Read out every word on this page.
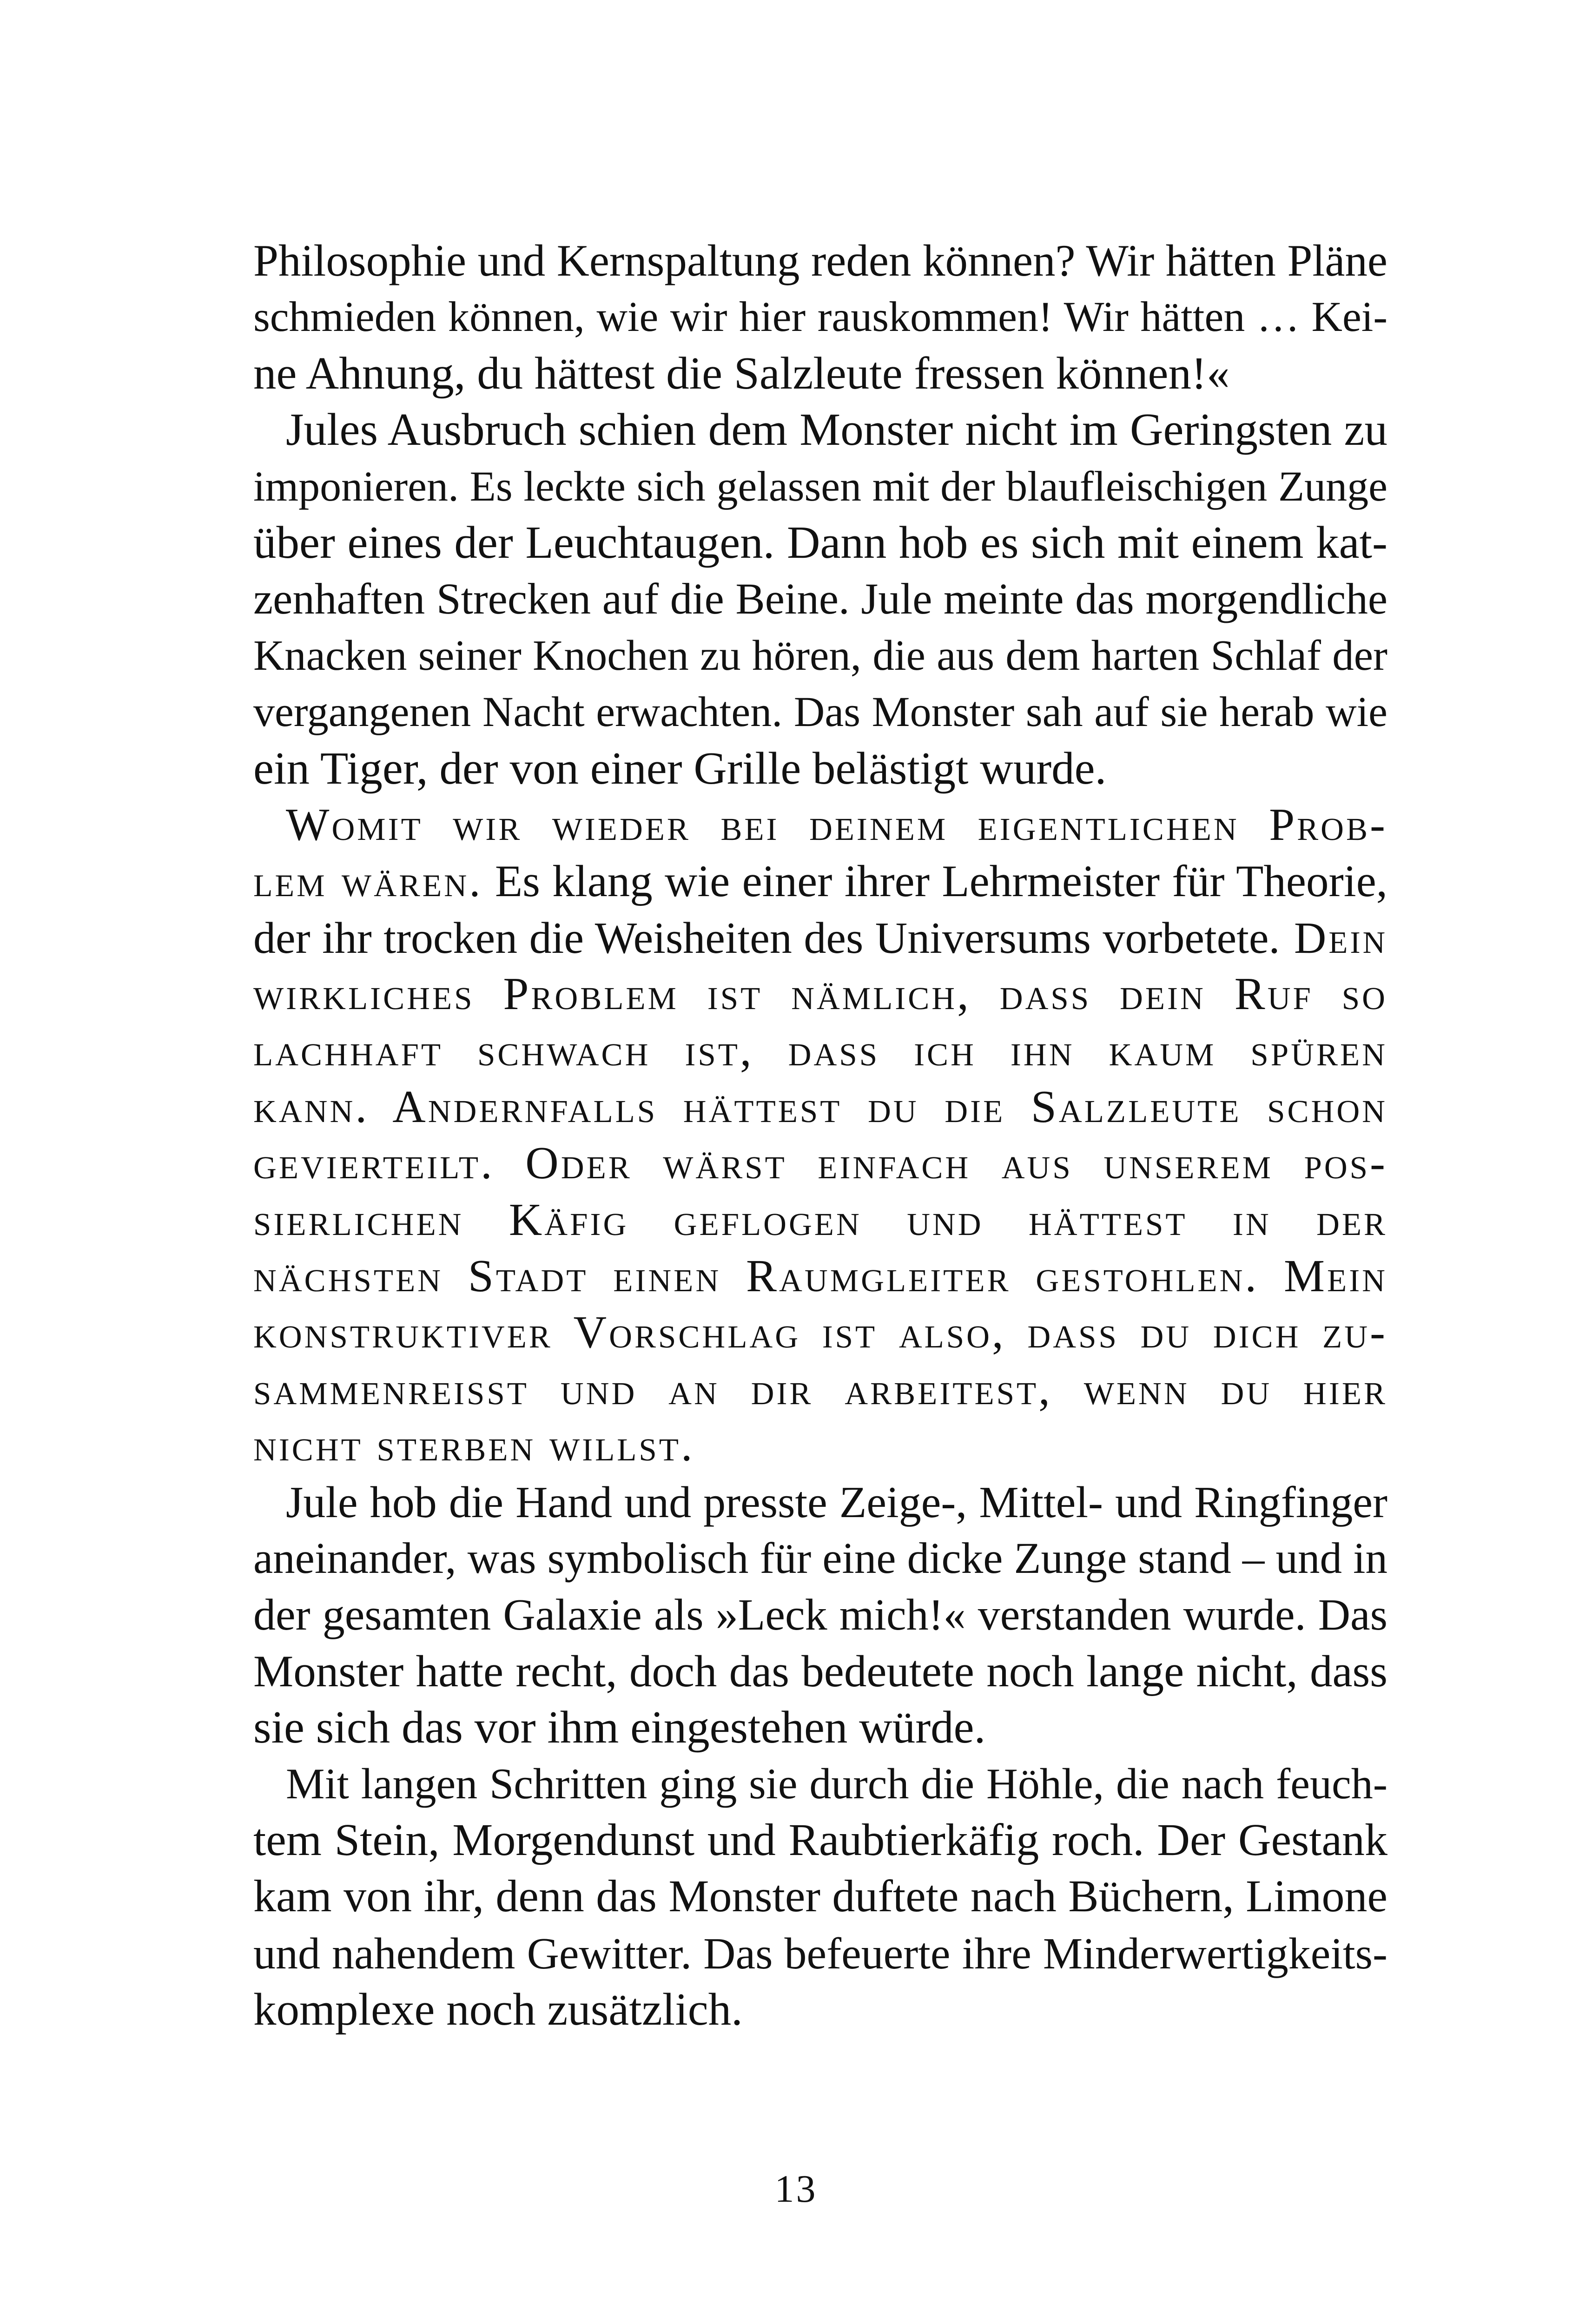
Philosophie und Kernspaltung reden können? Wir hätten Pläne
schmieden können, wie wir hier rauskommen! Wir hätten … Kei-
ne Ahnung, du hättest die Salzleute fressen können!«
Jules Ausbruch schien dem Monster nicht im Geringsten zu
imponieren. Es leckte sich gelassen mit der blaufleischigen Zunge
über eines der Leuchtaugen. Dann hob es sich mit einem kat-
zenhaften Strecken auf die Beine. Jule meinte das morgendliche
Knacken seiner Knochen zu hören, die aus dem harten Schlaf der
vergangenen Nacht erwachten. Das Monster sah auf sie herab wie
ein Tiger, der von einer Grille belästigt wurde.
Womit wir wieder bei deinem eigentlichen Prob-
lem wären. Es klang wie einer ihrer Lehrmeister für Theorie,
der ihr trocken die Weisheiten des Universums vorbetete. Dein
wirkliches Problem ist nämlich, dass dein Ruf so
lachhaft schwach ist, dass ich ihn kaum spüren
kann. Andernfalls hättest du die Salzleute schon
gevierteilt. Oder wärst einfach aus unserem pos-
sierlichen Käfig geflogen und hättest in der
nächsten Stadt einen Raumgleiter gestohlen. Mein
konstruktiver Vorschlag ist also, dass du dich zu-
sammenreisst und an dir arbeitest, wenn du hier
nicht sterben willst.
Jule hob die Hand und presste Zeige-, Mittel- und Ringfinger
aneinander, was symbolisch für eine dicke Zunge stand – und in
der gesamten Galaxie als »Leck mich!« verstanden wurde. Das
Monster hatte recht, doch das bedeutete noch lange nicht, dass
sie sich das vor ihm eingestehen würde.
Mit langen Schritten ging sie durch die Höhle, die nach feuch-
tem Stein, Morgendunst und Raubtierkäfig roch. Der Gestank
kam von ihr, denn das Monster duftete nach Büchern, Limone
und nahendem Gewitter. Das befeuerte ihre Minderwertigkeits-
komplexe noch zusätzlich.
13
